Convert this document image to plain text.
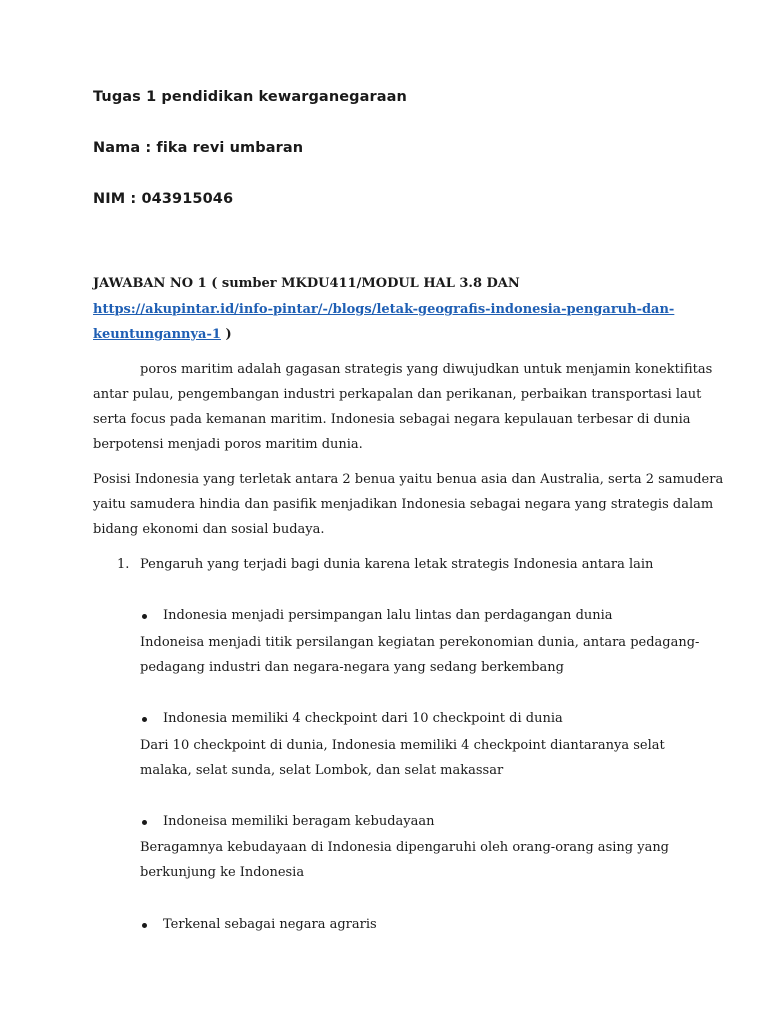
Tugas 1 pendidikan kewarganegaraan
Nama : fika revi umbaran
NIM : 043915046
JAWABAN NO 1 ( sumber MKDU411/MODUL HAL 3.8 DAN
https://akupintar.id/info-pintar/-/blogs/letak-geografis-indonesia-pengaruh-dan-
keuntungannya-1 )
poros maritim adalah gagasan strategis yang diwujudkan untuk menjamin konektifitas
antar pulau, pengembangan industri perkapalan dan perikanan, perbaikan transportasi laut
serta focus pada kemanan maritim. Indonesia sebagai negara kepulauan terbesar di dunia
berpotensi menjadi poros maritim dunia.
Posisi Indonesia yang terletak antara 2 benua yaitu benua asia dan Australia, serta 2 samudera
yaitu samudera hindia dan pasifik menjadikan Indonesia sebagai negara yang strategis dalam
bidang ekonomi dan sosial budaya.
1. Pengaruh yang terjadi bagi dunia karena letak strategis Indonesia antara lain
Indonesia menjadi persimpangan lalu lintas dan perdagangan dunia
Indoneisa menjadi titik persilangan kegiatan perekonomian dunia, antara pedagang-
pedagang industri dan negara-negara yang sedang berkembang
Indonesia memiliki 4 checkpoint dari 10 checkpoint di dunia
Dari 10 checkpoint di dunia, Indonesia memiliki 4 checkpoint diantaranya selat
malaka, selat sunda, selat Lombok, dan selat makassar
Indoneisa memiliki beragam kebudayaan
Beragamnya kebudayaan di Indonesia dipengaruhi oleh orang-orang asing yang
berkunjung ke Indonesia
Terkenal sebagai negara agraris
